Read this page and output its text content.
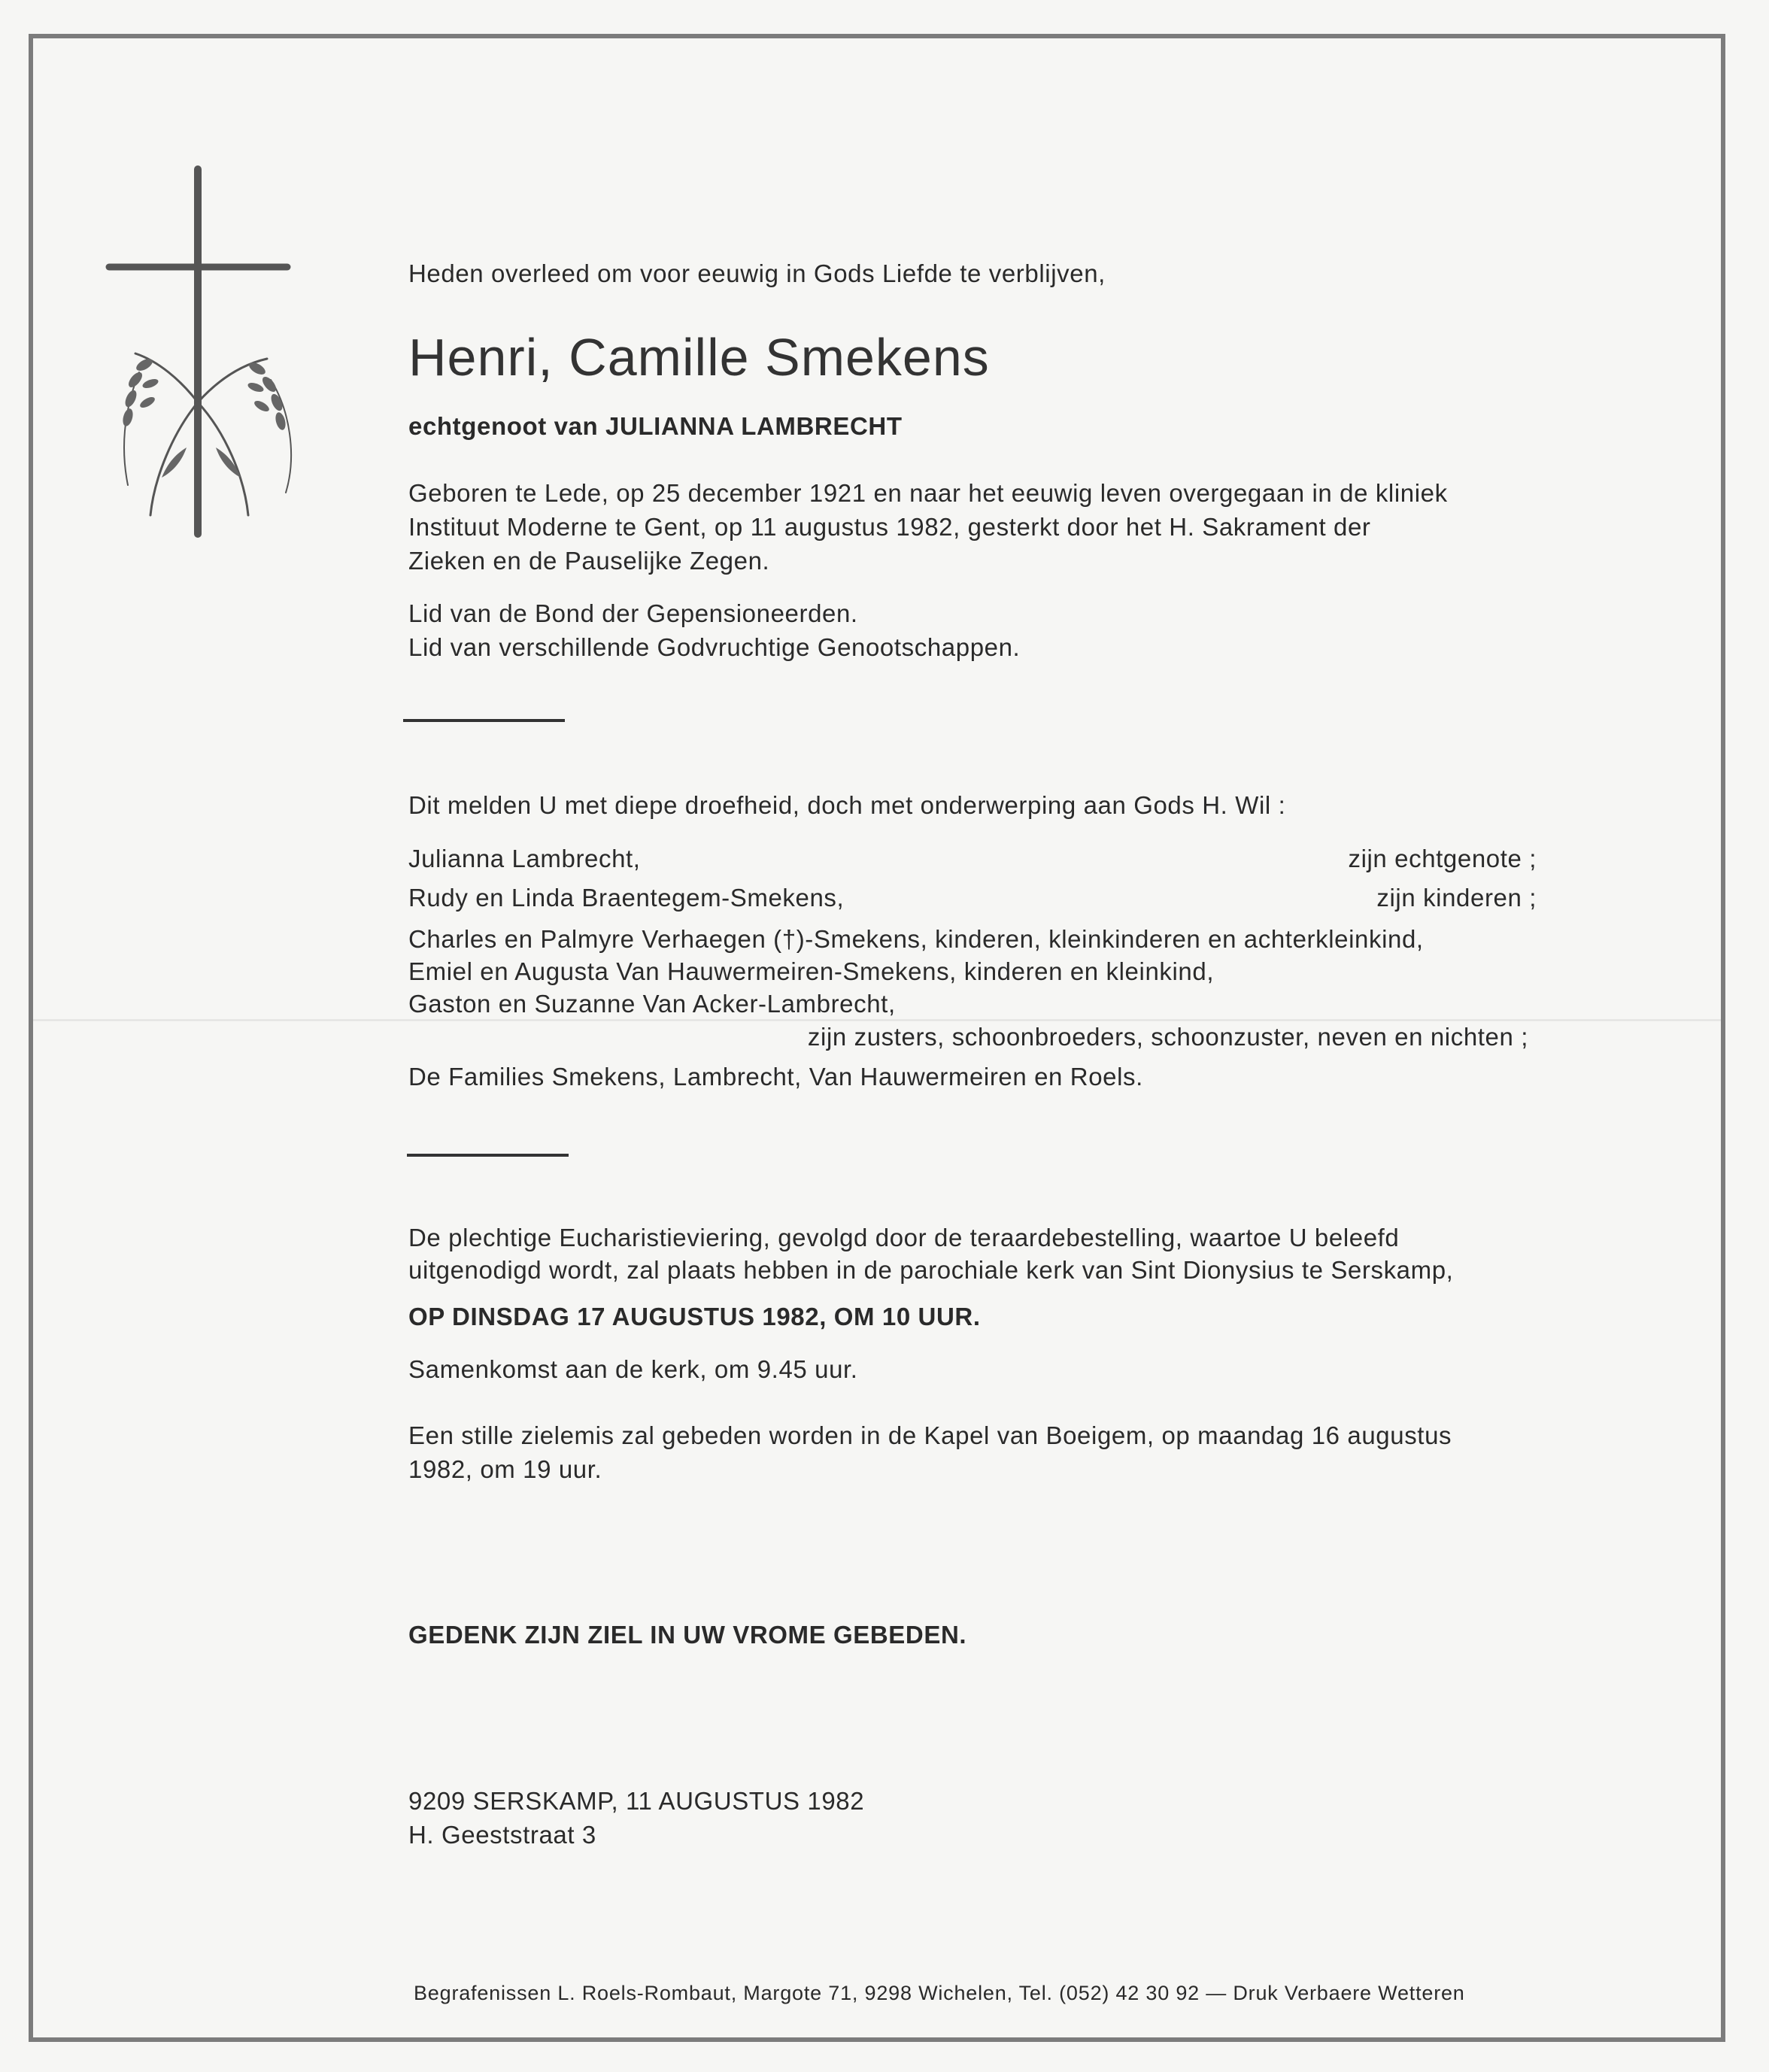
Heden overleed om voor eeuwig in Gods Liefde te verblijven,
Henri, Camille Smekens
echtgenoot van JULIANNA LAMBRECHT
Geboren te Lede, op 25 december 1921 en naar het eeuwig leven overgegaan in de kliniek
Instituut Moderne te Gent, op 11 augustus 1982, gesterkt door het H. Sakrament der
Zieken en de Pauselijke Zegen.
Lid van de Bond der Gepensioneerden.
Lid van verschillende Godvruchtige Genootschappen.
Dit melden U met diepe droefheid, doch met onderwerping aan Gods H. Wil :
Julianna Lambrecht,	zijn echtgenote ;
Rudy en Linda Braentegem-Smekens,	zijn kinderen ;
Charles en Palmyre Verhaegen (†)-Smekens, kinderen, kleinkinderen en achterkleinkind,
Emiel en Augusta Van Hauwermeiren-Smekens, kinderen en kleinkind,
Gaston en Suzanne Van Acker-Lambrecht,
zijn zusters, schoonbroeders, schoonzuster, neven en nichten ;
De Families Smekens, Lambrecht, Van Hauwermeiren en Roels.
De plechtige Eucharistieviering, gevolgd door de teraardebestelling, waartoe U beleefd
uitgenodigd wordt, zal plaats hebben in de parochiale kerk van Sint Dionysius te Serskamp,
OP DINSDAG 17 AUGUSTUS 1982, OM 10 UUR.
Samenkomst aan de kerk, om 9.45 uur.
Een stille zielemis zal gebeden worden in de Kapel van Boeigem, op maandag 16 augustus
1982, om 19 uur.
GEDENK ZIJN ZIEL IN UW VROME GEBEDEN.
9209 SERSKAMP, 11 AUGUSTUS 1982
H. Geeststraat 3
Begrafenissen L. Roels-Rombaut, Margote 71, 9298 Wichelen, Tel. (052) 42 30 92 — Druk Verbaere Wetteren
